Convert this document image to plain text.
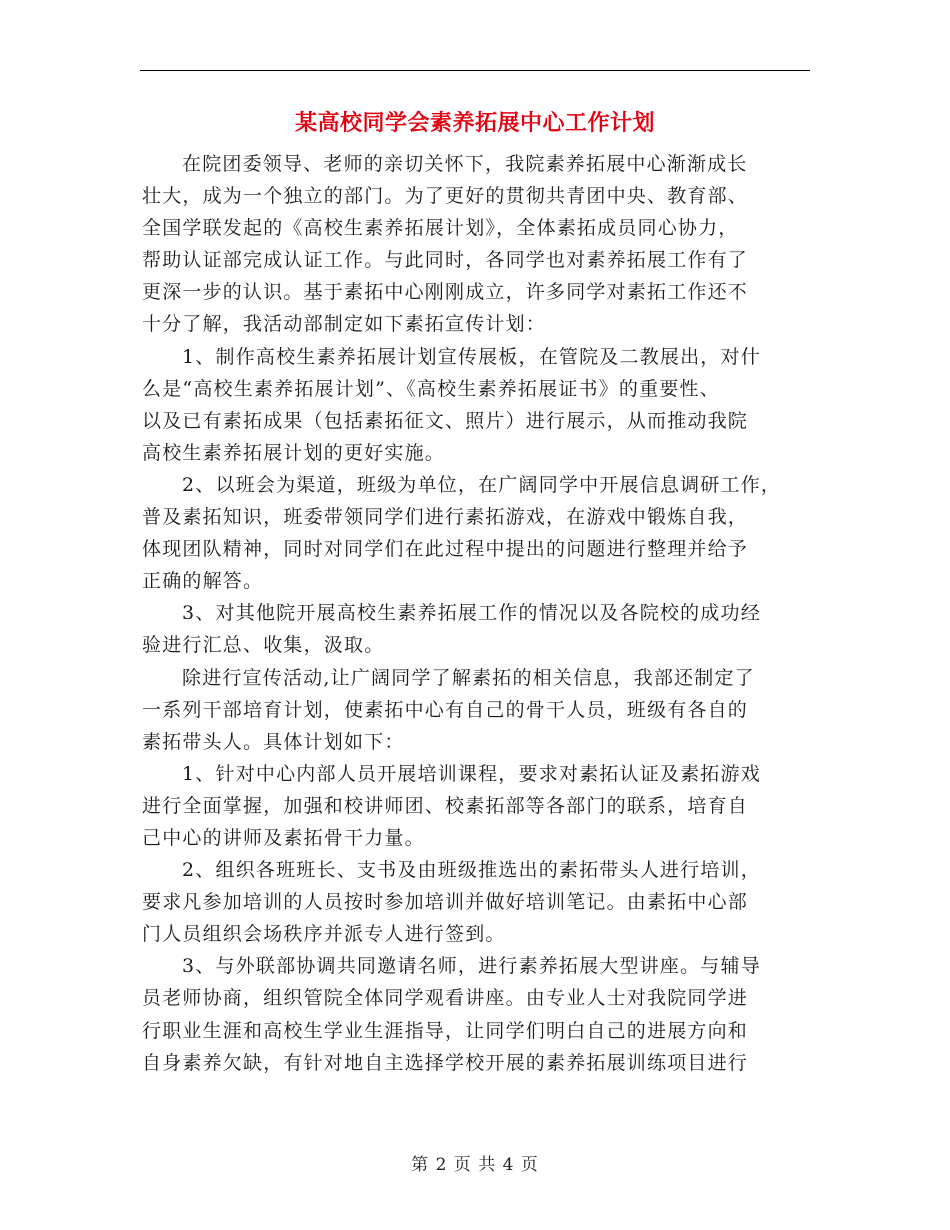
某高校同学会素养拓展中心工作计划

在院团委领导、老师的亲切关怀下，我院素养拓展中心渐渐成长
壮大，成为一个独立的部门。为了更好的贯彻共青团中央、教育部、
全国学联发起的《高校生素养拓展计划》，全体素拓成员同心协力，
帮助认证部完成认证工作。与此同时，各同学也对素养拓展工作有了
更深一步的认识。基于素拓中心刚刚成立，许多同学对素拓工作还不
十分了解，我活动部制定如下素拓宣传计划：

1、制作高校生素养拓展计划宣传展板，在管院及二教展出，对什
么是“高校生素养拓展计划”、《高校生素养拓展证书》的重要性、
以及已有素拓成果（包括素拓征文、照片）进行展示，从而推动我院
高校生素养拓展计划的更好实施。

2、以班会为渠道，班级为单位，在广阔同学中开展信息调研工作，
普及素拓知识，班委带领同学们进行素拓游戏，在游戏中锻炼自我，
体现团队精神，同时对同学们在此过程中提出的问题进行整理并给予
正确的解答。

3、对其他院开展高校生素养拓展工作的情况以及各院校的成功经
验进行汇总、收集，汲取。

除进行宣传活动,让广阔同学了解素拓的相关信息，我部还制定了
一系列干部培育计划，使素拓中心有自己的骨干人员，班级有各自的
素拓带头人。具体计划如下：

1、针对中心内部人员开展培训课程，要求对素拓认证及素拓游戏
进行全面掌握，加强和校讲师团、校素拓部等各部门的联系，培育自
己中心的讲师及素拓骨干力量。

2、组织各班班长、支书及由班级推选出的素拓带头人进行培训，
要求凡参加培训的人员按时参加培训并做好培训笔记。由素拓中心部
门人员组织会场秩序并派专人进行签到。

3、与外联部协调共同邀请名师，进行素养拓展大型讲座。与辅导
员老师协商，组织管院全体同学观看讲座。由专业人士对我院同学进
行职业生涯和高校生学业生涯指导，让同学们明白自己的进展方向和
自身素养欠缺，有针对地自主选择学校开展的素养拓展训练项目进行

第 2 页 共 4 页
